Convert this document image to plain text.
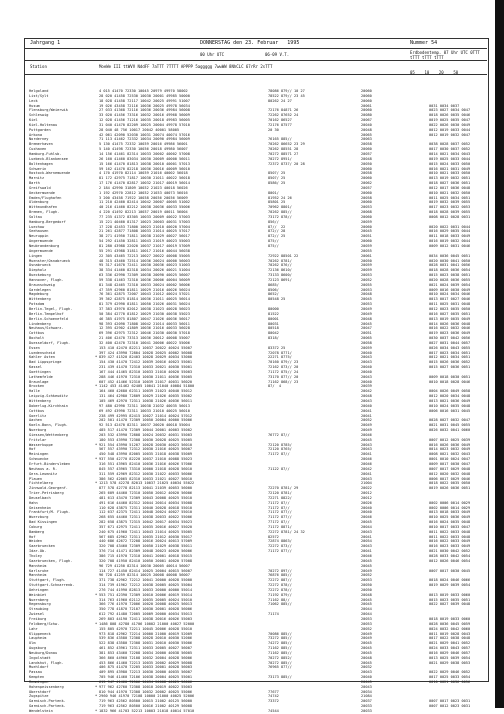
Jahrgang 1	DONNERSTAG den 23. Februar   1995	Nummer 54
00 Uhr UTC                 06-09 V.T.	Erdbodentemp. 07 Uhr UTC 0TTT tTTT tTTT tTTT
05    10    20    50
Station	MoeWe III ttWVV NddFF 7aTTT 7TTTT APPPP 5aggggg 7wwWW 8NhCLC 67rRr 2sTTT
Helgoland	4 015 41470 72330 10045 20979 49970 58002	78086 879// 10 27	20060
List/Sylt	28 020 41458 72530 10030 20001 49985 50000	78522 879// 23 45	20060
Leck	18 028 41458 72117 10042 20025 49991 51007	80262 24 27	20060
Husum	19 026 43458 72116 10036 20025 49978 56034	20061	0031 0034 0037
Flensburg/Weierwik	27 033 41368 72116 10036 20036 49984 56008	72176 84871 26	20060	0023 0027 0034 0047
Schleswig	33 020 41456 73316 10032 20016 49968 56009	72262 87652 24	20080	0018 0026 0035 0046
Kiel	12 028 41456 71216 10035 20018 49983 56005	70162 86527	20067	0019 0025 0035 0047
Kiel-Holtenau	31 040 41470 82209 10025 20004 49978 57010	72176 87577	20040	0022 0026 0030 0049
Puttgarden	28 040 48 756 10017 20042 40001 58005	20 30	20048	0012 0019 0033 0044
Arkona	42 061 42090 52030 10031 20074 40074 57016	20065	0012 0019 0032 0047
Norderney	71 113 41462 72332 10034 20090 49984 56009	76165 885//	20063
Bremerhaven	5 130 41475 72332 10039 20016 49986 56001	70262 86652 23 29	20058	0038 0028 0037 0052
Cuxhaven	5 140 41498 72330 10036 20018 49980 56007	70262 88551 28	20060	0017 0030 0037 0052
Hamburg-Fuhlsb.	14 156 41461 82314 10033 20002 40002 57008	70272 88571 27	20057	0014 0021 0034 0043
Luebeck-Blankensee	26 160 41460 83034 10030 20009 40000 56011	70272 8951/	20048	0019 0025 0033 0044
Boltenhagen	15 166 41470 81813 10038 20010 40001 57013	72372 8737/ 20 28	20050	0015 0024 0033 0050
Schwerin	59 162 41470 82218 10036 20016 40009 56010	20060	0016 0021 0031 0049
Rostock-Warnemuende	4 170 41970 82114 10039 21016 40002 56018	8507/ 25	20058	0010 0021 0033 0050
Marnitz	81 172 42975 71817 10030 21011 40022 56018	8507/ 25	20060	0013 0019 0032 0051
Barth	17 176 41470 82817 10032 21017 40019 56014	8586/ 25	20062	0018 0027 0036 0051
Greifswald	2 184 42990 31809 10032 21023 40018 56026	20057	0012 0017 0036 0048
Ueckermuende	1 192 42970 22812 10032 21033 40073 56016	8001/	20060	0010 0021 0032 0050
Emden/Flughafen	3 200 43458 71922 10038 20036 20036 56009	81952 24 26	20058	0011 0025 0034 0051
Oldenburg	11 210 42460 82414 10042 20007 40005 51002	85801 25	20060	0019 0032 0039 0055
Wittmundhafen	40 216 41460 82212 10038 20036 40033 55006	70962 8801/	20053	0017 0023 0032 0053
Bremen, Flugh.	4 220 41492 82213 10037 20019 40011 56004	70262 885//	20068	0018 0028 0039 0055
Soltau	77 235 41372 83305 10033 20009 40022 57003	73172 878//	20060	0008 0012 0028 0031
Hamburg-Bergedorf	15 221 40460 81317 10023 20003 40031 57003	856//	20059
Luechow	17 228 42453 71800 10023 21010 40020 57004	87//  22	20060	0020 0022 0031 0044
Seehausen	21 261 42877 71808 10033 21014 40025 57017	872// 28	20045	0016 0029 0035 0044
Neuruppin	38 271 41950 71811 10038 21029 40027 56017	872// 25	20051	0011 0018 0033 0049
Angermuende	54 292 41450 32811 10043 21019 40023 55003	875//	20060	0016 0019 0032 0044
Neubrandenburg	81 280 43988 22020 10037 21017 40019 57009	875//	20059	0009 0012 0031 0046
Angermuende	55 291 43988 31811 10017 21016 40044 56038	20055
Lingen	22 305 43465 72213 10027 20022 40008 55005	72922 88501 22	20061	0034 0036 0045 0051
Muenster/Osnabrueck	48 315 43460 72514 10036 20024 40000 56003	70262 8781/	20050	0020 0030 0041 0050
Osnabrueck	95 317 41670 72411 10030 20036 40023 51003	70262 876//	20059	0028 0031 0041 0056
Diepholz	38 334 41460 82318 10034 20026 40021 51004	72136 8610/	20059	0018 0028 0036 0054
Bueckeburg	63 336 42990 72309 10038 20090 40025 56007	73133 8600/	20053	0015 0023 0038 0051
Hannover, Flugh.	59 338 41463 72310 10036 20006 40004 56009	72123 8691/	20052	0020 0028 0036 0055
Braunschweig	81 348 42465 72310 10033 20024 40002 56006	8685/	20055	0021 0024 0039 0054
Gardelegen	47 359 42960 81811 10029 21016 40026 56024	8506/	20053	0009 0016 0030 0049
Magdeburg	76 361 42875 72007 10043 21012 40024 57021	8652/	20048	0010 0024 0034 0046
Wittenberg	39 362 42875 81814 10036 21011 40025 56014	80548 25	20045	0013 0017 0027 0046
Potsdam	81 379 42990 81811 10050 21026 40031 56024	20053	0011 0025 0031 0048
Berlin-Tegel, Flugh.	37 383 43970 82012 10038 21023 40028 56023	80000	20049	0012 0023 0035 0050
Berlin-Tempelhof	50 384 42770 81812 10029 21030 40038 55023	81522	20049	0016 0027 0035 0051
Berlin-Schoenefeld	46 385 41975 81807 10047 21026 40036 56017	80001	20048	0013 0019 0035 0049
Lindenberg	98 393 42090 71808 10042 21014 40033 56011	80031	20045	0014 0026 0036 0048
Neuhaus/Schwarz.	12 395 42902 41809 10036 21016 40033 56028	80518	20047	0016 0022 0032 0046
Cottbus	69 396 42975 72312 10046 21030 40030 57018	80042	20051	0019 0023 0036 0049
Bocholt	21 406 42470 73313 10036 20012 40008 55007	8318/	20065	0030 0037 0042 0056
Duesseldorf, Flugh.	32 400 42470 72310 10041 20006 40022 55006	20058	0027 0031 0044 0057
Essen	153 410 42470 82211 10037 20022 40024 55007	83372 25	20059	0026 0034 0043 0055
Luedenscheid	397 424 43990 72804 10028 20025 40002 56008	72078 8771/	20040	0017 0023 0034 0051
Kahler Asten	* 839 427 41520 82403 10028 20029 40034 53000	22271 8775/	20043	0012 0021 0034 0051
Bad Lippspringe	154 430 41470 72412 10039 20016 40023 55001	70160 879// 23	20043	0015 0026 0036 0052
Kassel	231 439 41470 72310 10033 20021 40030 55001	72162 873// 20	20040	0015 0027 0036 0051
Goettingen	167 444 41465 82310 10033 21010 40020 55003	71172 875// 24	20040
Lathemfelde	288 446 41970 72310 10030 21011 40036 55005	73170 877// 20	20043	0009 0018 0030 0051
Braunlage	607 452 41466 52310 10039 21017 40031 56020	71162 868// 23	20040	0010 0018 0028 0046
Brocken	* 1142 453 41462 62405 10041 21040 40084 51800	87/  4	20039
Halle	164 460 42680 62311 10039 21023 40040 55012	20042	0004 0026 0049 0058
Leipzig-Schkeuditz	131 464 42980 72809 10029 21026 40035 55002	20048	0012 0020 0034 0048
Wittenberg	105 469 42970 72311 10038 21026 40036 56011	20043	0013 0021 0036 0049
Doberlug-Kirchhain	97 480 42990 72311 10038 21032 40035 56013	20040	0010 0024 0035 0048
Cottbus	69 492 43990 72311 10033 21010 40025 56010	20041	0006 0016 0031 0045
Goerlitz	238 499 42995 82415 10027 21014 40024 57012	20041
Aachen	202 501 41470 72309 10050 20004 40000 55006	20052	0028 0027 0032 0047
Koeln-Bonn, Flugh.	92 513 42470 82311 10037 20020 40018 55004	20049	0021 0031 0045 0055
Nuerburg	485 517 41470 72309 10044 20001 40003 55002	20049	0026 0032 0041 0060
Giessen/Wettenberg	203 532 43990 72808 10024 20032 40031 55003	76772 87//	20046
Fritzlar	180 553 43990 72308 10030 20028 40025 55005	20045	0007 0012 0025 0039
Wasserkuppe	* 921 554 43990 51207 10028 20030 40023 56010	72120 8785/	20043	0016 0026 0036 0049
Hof	567 557 43990 72312 10030 21016 40025 56007	72120 8765/	20043	0014 0023 0032 0049
Meiningen	450 548 43990 82005 10035 21018 40038 55009	71172 87//	20041	0008 0021 0032 0043
Schmuecke	* 937 550 42770 82220 10037 21010 40088 55023	20046	0001 0010 0024 0047
Erfurt-Bindersleben	316 551 43965 82410 10036 21016 40026 57006	20046	0009 0017 0030 0047
Neuhaus a. R.	845 557 43965 73310 10000 21018 40028 56010	71122 87//	20042	0007 0017 0029 0048
Gera-Leumnitz	311 559 42969 82312 10030 21022 40033 56006	20041	0012 0020 0032 0048
Plauen	386 562 42065 82310 10033 21021 40027 56010	20043	0006 0017 0029 0046
Fichtelberg	* 1213 578 42278 82013 10037 21025 40034 55022	21004	0018 0022 0035 0050
Zinnwald-Georgenf.	877 578 42778 82113 10041 21039 40053 56000	72270 8781/ 29	20022	0019 0026 0036 0051
Trier-Petrisberg	265 609 44460 72310 10050 20012 40020 56006	72120 8781/	20012
Deuselbach	481 613 43470 72309 10043 20008 40025 55010	72271 8822/	20012
Hahn	491 616 44460 82312 10044 20014 40034 55008	71172 87//	20026	0002 0006 0014 0029
Geisenheim	110 628 43875 72311 10040 20028 40018 55010	71172 87//	20040	0002 0006 0014 0029
Frankfurt/M. Flugh.	112 637 42375 72411 10048 20024 40027 55010	71172 877//	20040	0013 0018 0033 0049
Wuerzburg	268 655 44460 72311 10038 20033 40022 55006	71172 877//	20046	0010 0025 0036 0049
Bad Kissingen	282 658 43875 72315 10042 20017 40034 55023	77172 87//	20045	0016 0024 0035 0048
Coburg	357 671 42975 72411 10035 20016 40027 55020	71172 8871/	20044	0010 0017 0033 0047
Bamberg	240 675 41960 72411 10043 21014 40025 55005	72272 8781/ 24 32	20043	0011 0022 0033 0048
Hof	567 685 42962 72311 10035 21012 40030 55017	82572	20041	0011 0022 0033 0048
Weiden	440 686 42672 72208 10016 20024 40013 57009	72874 8863/	20054	0016 0022 0033 0049
Saarbruecken	320 708 43460 72309 10050 21029 40038 55011	72272 873//	20043	0016 0023 0033 0049
Idar-Ob.	376 714 41471 82309 10048 20023 40020 56006	71172 877//	20041	0021 0030 0042 0052
Tholey	386 715 41970 72310 10041 20001 40018 55015	20046	0028 0033 0042 0054
Saarbruecken, Flugh.	320 708 41950 82410 10050 20001 40020 57008	20045	0012 0026 0046 0054
Mannheim	96 729 41250 82314 10030 20005 40014 56007	20045
Karlsruhe	114 727 41450 82414 10025 20004 40015 56007	70272 897//	20049	0007 0017 0030 0045
Mannheim	96 728 41259 82314 10025 20008 40008 56007	76876 885//	20052
Stuttgart, Flugh.	371 738 42962 72212 10041 20000 40028 55000	72272 887//	20053	0018 0024 0046 0066
Stuttgart-Schnarrenb.	314 739 41962 72212 10038 20005 40025 55004	72272 878//	20050	0019 0029 0039 0054
Oehringen	276 744 41990 82813 10033 20000 40000 55014	72272 878//	20050
Weinbiet	* 553 751 42390 72309 10010 20006 40019 55014	71192 879//	20048	0013 0019 0033 0060
Nuernberg	314 763 41960 62112 10035 20005 40024 55010	71162 88//	20045	0015 0023 0035 0051
Regensburg	366 776 41970 72006 10020 20008 40025 56013	71062 885//	20045	0022 0027 0039 0048
Straubing	350 778 41870 72107 10030 20001 40028 56006	20044
Zwiesel	612 792 41480 72005 10009 20000 40034 55013	71174	20044
Freiburg	269 803 44190 72411 10038 20016 40026 55003	20053	0018 0019 0033 0060
Feldberg/Schw.	* 1486 808 42780 41706 10002 21000 40027 52000	20053	0028 0036 0045 0059
Lahr	155 805 42970 72211 10045 20006 40028 55010	20052	0024 0032 0042 0060
Klippeneck	973 818 42962 72214 10000 21000 40019 52009	70086 885//	20049	0011 0019 0028 0043
Laupheim	539 836 43580 72308 10028 20010 40030 52006	73272 885//	20049	0017 0022 0038 0048
Ulm	522 838 43580 72308 10031 20010 40030 55006	74272 885//	20045	0021 0029 0041 0052
Augsburg	461 852 43961 72311 10033 20005 40027 56007	71162 885//	20045	0024 0033 0043 0057
Neuburg/Donau	381 853 43460 72208 10034 20000 40038 56005	71162 885//	20045	0016 0029 0046 0057
Ingolstadt	366 860 44960 72108 10032 20004 40028 56006	70272 8852/	20048	0013 0025 0039 0054
Landshut, Flugh.	453 866 41460 72213 10035 20002 40029 56008	70272 885//	20045	0021 0029 0038 0053
Muehldorf	406 875 41470 72205 10033 20001 40028 56003	76965 877//	20032
Passau	409 895 43980 72213 10030 20000 40035 56007	20043	0022 0029 0046 0052
Kempten	705 946 41460 72106 10038 20004 40025 55001	73173 885//	20040	0017 0025 0033 0054
Memmingen	615 947 41460 72506 10034 20008 40025 56006	20045	0010 0021 0036 0056
Hohenpeissenberg	* 977 962 42760 72308 10010 20019 40022 55003	20043
Oberstdorf	810 944 41970 72308 10032 20002 40025 55006	77677	20034
Zugspitze	* 2960 946 41970 72108 10000 21000 40025 52006	74742	21084
Garmisch-Partenk.	719 963 42562 80500 10015 21002 40125 56000	73372	20037	0007 0017 0023 0031
Garmisch-Partenk.	719 963 42562 80500 10016 21002 40129 56008	20033	0007 0012 0023 0031
Wendelstein	* 1832 966 41703 52213 10003 21018 40014 57010	74544	20033
